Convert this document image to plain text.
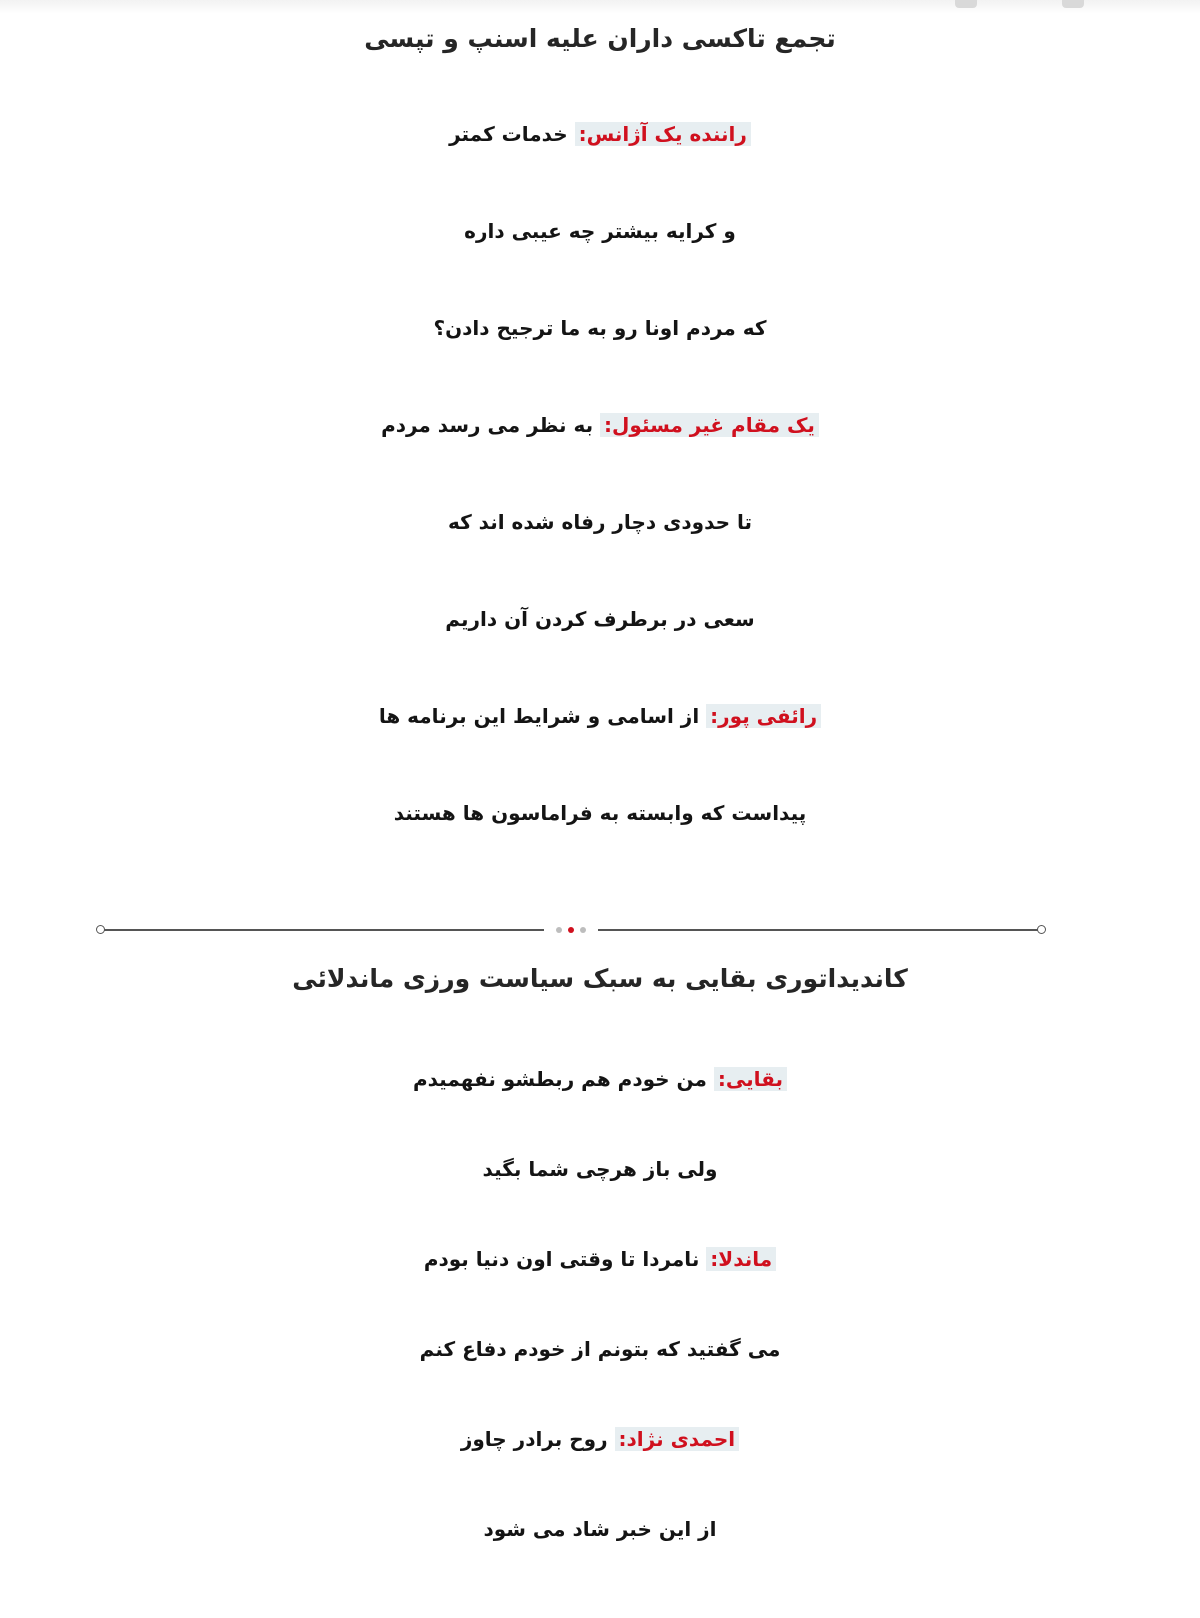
تجمع تاکسی داران علیه اسنپ و تپسی

راننده یک آژانس: خدمات کمتر
و کرایه بیشتر چه عیبی داره
که مردم اونا رو به ما ترجیح دادن؟
یک مقام غیر مسئول: به نظر می رسد مردم
تا حدودی دچار رفاه شده اند که
سعی در برطرف کردن آن داریم
رائفی پور: از اسامی و شرایط این برنامه ها
پیداست که وابسته به فراماسون ها هستند

کاندیداتوری بقایی به سبک سیاست ورزی ماندلائی

بقایی: من خودم هم ربطشو نفهمیدم
ولی باز هرچی شما بگید
ماندلا: نامردا تا وقتی اون دنیا بودم
می گفتید که بتونم از خودم دفاع کنم
احمدی نژاد: روح برادر چاوز
از این خبر شاد می شود
